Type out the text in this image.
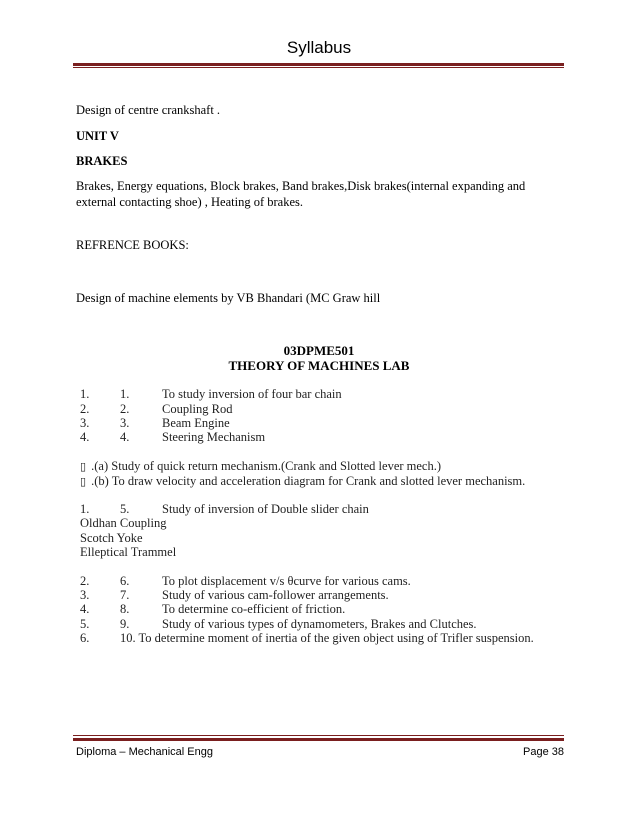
Syllabus
Design of centre crankshaft .
UNIT V
BRAKES
Brakes, Energy equations, Block brakes, Band brakes,Disk brakes(internal expanding and external contacting shoe) , Heating of brakes.
REFRENCE BOOKS:
Design of machine elements by VB Bhandari (MC Graw hill
03DPME501
THEORY OF MACHINES LAB
1. 1.	To study inversion of four bar chain
2. 2.	Coupling Rod
3. 3.	Beam Engine
4. 4.	Steering Mechanism
▯ .(a) Study of quick return mechanism.(Crank and Slotted lever mech.)
▯ .(b) To draw velocity and acceleration diagram for Crank and slotted lever mechanism.
1. 5.	Study of inversion of Double slider chain
Oldhan Coupling
Scotch Yoke
Elleptical Trammel
2. 6.	To plot displacement v/s θcurve for various cams.
3. 7.	Study of various cam-follower arrangements.
4. 8.	To determine co-efficient of friction.
5. 9.	Study of various types of dynamometers, Brakes and Clutches.
6. 10. To determine moment of inertia of the given object using of Trifler suspension.
Diploma – Mechanical Engg	Page 38
